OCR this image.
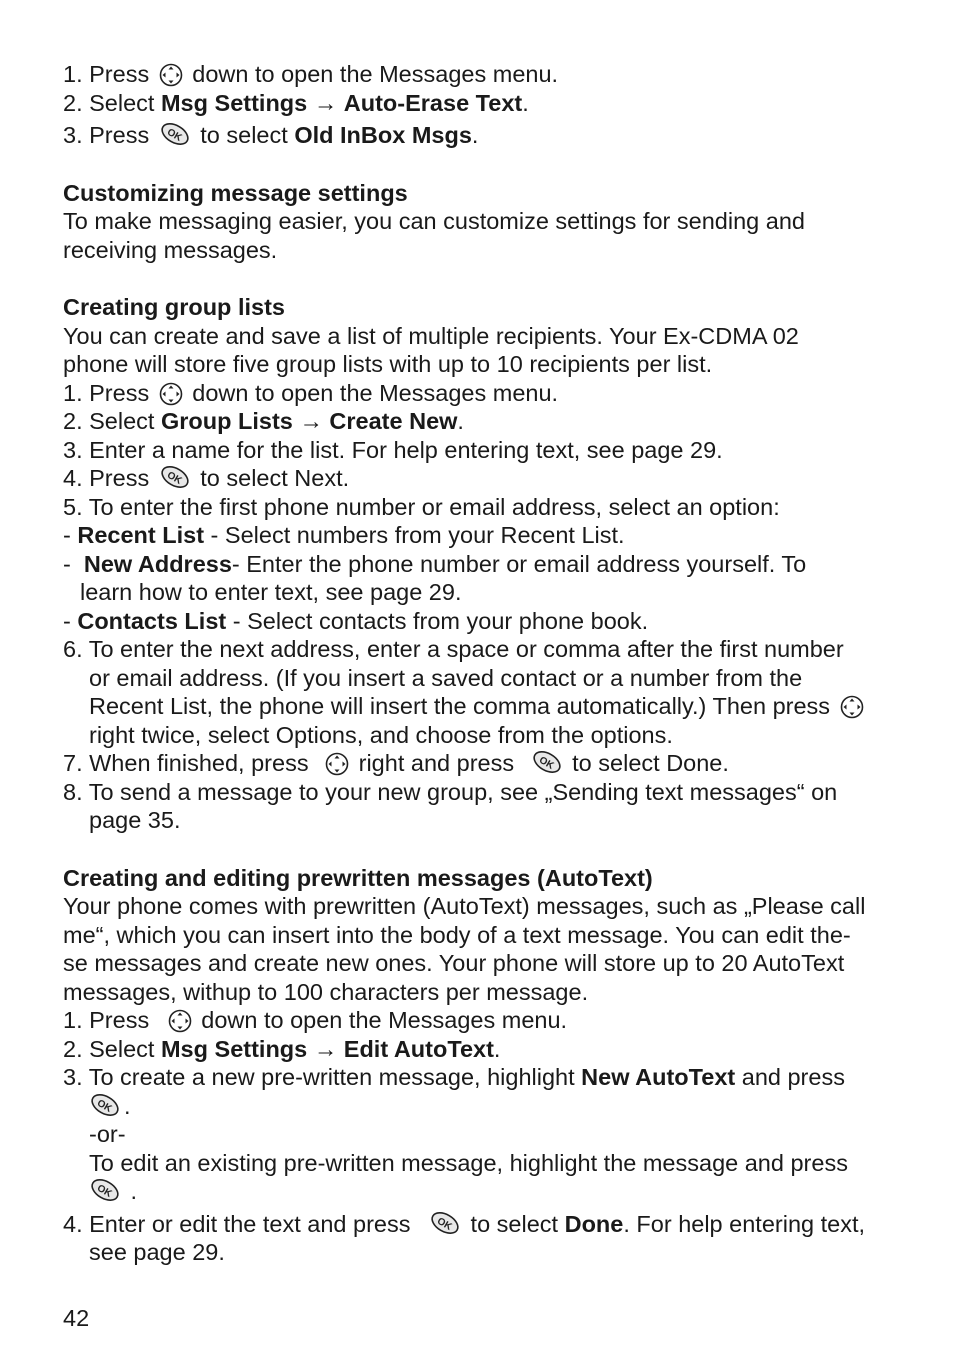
1. Press down to open the Messages menu.
2. Select Msg Settings → Auto-Erase Text.
3. Press to select Old InBox Msgs.
Customizing message settings
To make messaging easier, you can customize settings for sending and
receiving messages.
Creating group lists
You can create and save a list of multiple recipients. Your Ex-CDMA 02
phone will store five group lists with up to 10 recipients per list.
1. Press down to open the Messages menu.
2. Select Group Lists → Create New.
3. Enter a name for the list. For help entering text, see page 29.
4. Press to select Next.
5. To enter the first phone number or email address, select an option:
- Recent List - Select numbers from your Recent List.
-  New Address- Enter the phone number or email address yourself. To
learn how to enter text, see page 29.
- Contacts List - Select contacts from your phone book.
6. To enter the next address, enter a space or comma after the first number
or email address. (If you insert a saved contact or a number from the
Recent List, the phone will insert the comma automatically.) Then press
right twice, select Options, and choose from the options.
7. When finished, press right and press to select Done.
8. To send a message to your new group, see „Sending text messages“ on
page 35.
Creating and editing prewritten messages (AutoText)
Your phone comes with prewritten (AutoText) messages, such as „Please call
me“, which you can insert into the body of a text message. You can edit the-
se messages and create new ones. Your phone will store up to 20 AutoText
messages, withup to 100 characters per message.
1. Press down to open the Messages menu.
2. Select Msg Settings → Edit AutoText.
3. To create a new pre-written message, highlight New AutoText and press
.
-or-
To edit an existing pre-written message, highlight the message and press
.
4. Enter or edit the text and press	to select Done. For help entering text,
see page 29.
42
